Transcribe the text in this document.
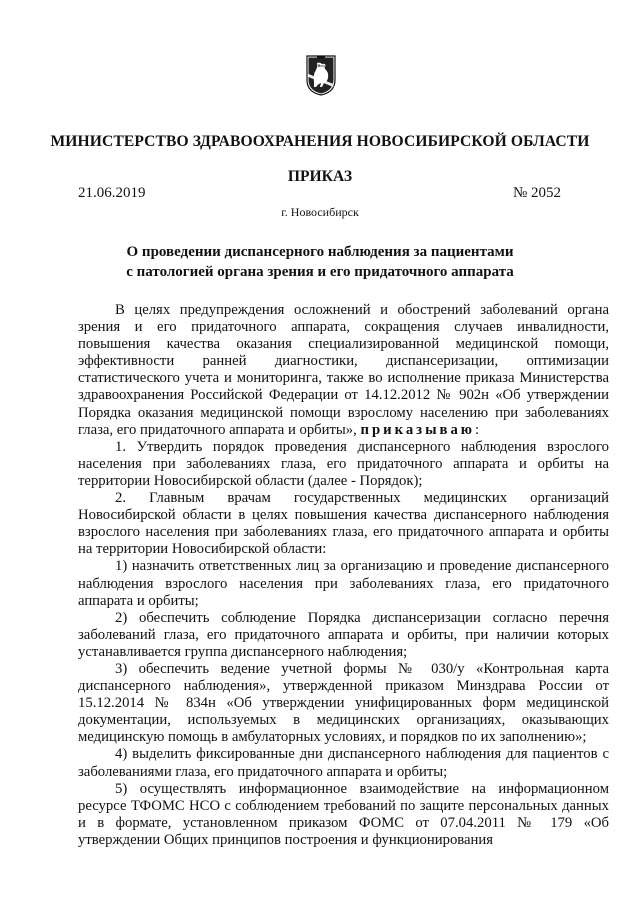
МИНИСТЕРСТВО ЗДРАВООХРАНЕНИЯ НОВОСИБИРСКОЙ ОБЛАСТИ
ПРИКАЗ
21.06.2019	№ 2052
г. Новосибирск
О проведении диспансерного наблюдения за пациентами
с патологией органа зрения и его придаточного аппарата

В целях предупреждения осложнений и обострений заболеваний органа зрения и его придаточного аппарата, сокращения случаев инвалидности, повышения качества оказания специализированной медицинской помощи, эффективности ранней диагностики, диспансеризации, оптимизации статистического учета и мониторинга, также во исполнение приказа Министерства здравоохранения Российской Федерации от 14.12.2012 № 902н «Об утверждении Порядка оказания медицинской помощи взрослому населению при заболеваниях глаза, его придаточного аппарата и орбиты», приказываю:

1. Утвердить порядок проведения диспансерного наблюдения взрослого населения при заболеваниях глаза, его придаточного аппарата и орбиты на территории Новосибирской области (далее - Порядок);

2. Главным врачам государственных медицинских организаций Новосибирской области в целях повышения качества диспансерного наблюдения взрослого населения при заболеваниях глаза, его придаточного аппарата и орбиты на территории Новосибирской области:

1) назначить ответственных лиц за организацию и проведение диспансерного наблюдения взрослого населения при заболеваниях глаза, его придаточного аппарата и орбиты;

2) обеспечить соблюдение Порядка диспансеризации согласно перечня заболеваний глаза, его придаточного аппарата и орбиты, при наличии которых устанавливается группа диспансерного наблюдения;

3) обеспечить ведение учетной формы № 030/у «Контрольная карта диспансерного наблюдения», утвержденной приказом Минздрава России от 15.12.2014 № 834н «Об утверждении унифицированных форм медицинской документации, используемых в медицинских организациях, оказывающих медицинскую помощь в амбулаторных условиях, и порядков по их заполнению»;

4) выделить фиксированные дни диспансерного наблюдения для пациентов с заболеваниями глаза, его придаточного аппарата и орбиты;

5) осуществлять информационное взаимодействие на информационном ресурсе ТФОМС НСО с соблюдением требований по защите персональных данных и в формате, установленном приказом ФОМС от 07.04.2011 № 179 «Об утверждении Общих принципов построения и функционирования
